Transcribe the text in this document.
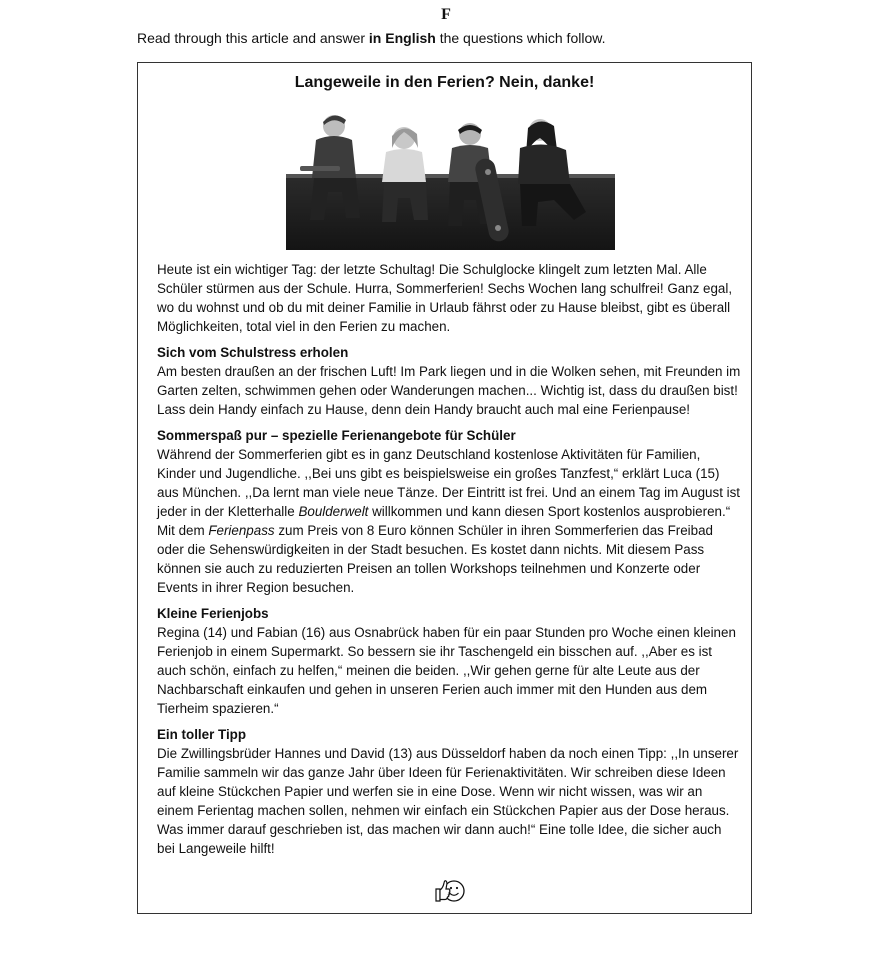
F
Read through this article and answer in English the questions which follow.
Langeweile in den Ferien? Nein, danke!

Heute ist ein wichtiger Tag: der letzte Schultag! Die Schulglocke klingelt zum letzten Mal. Alle Schüler stürmen aus der Schule. Hurra, Sommerferien! Sechs Wochen lang schulfrei! Ganz egal, wo du wohnst und ob du mit deiner Familie in Urlaub fährst oder zu Hause bleibst, gibt es überall Möglichkeiten, total viel in den Ferien zu machen.

Sich vom Schulstress erholen

Am besten draußen an der frischen Luft! Im Park liegen und in die Wolken sehen, mit Freunden im Garten zelten, schwimmen gehen oder Wanderungen machen... Wichtig ist, dass du draußen bist! Lass dein Handy einfach zu Hause, denn dein Handy braucht auch mal eine Ferienpause!

Sommerspaß pur – spezielle Ferienangebote für Schüler

Während der Sommerferien gibt es in ganz Deutschland kostenlose Aktivitäten für Familien, Kinder und Jugendliche. ,,Bei uns gibt es beispielsweise ein großes Tanzfest,“ erklärt Luca (15) aus München. ,,Da lernt man viele neue Tänze. Der Eintritt ist frei. Und an einem Tag im August ist jeder in der Kletterhalle Boulderwelt willkommen und kann diesen Sport kostenlos ausprobieren.“ Mit dem Ferienpass zum Preis von 8 Euro können Schüler in ihren Sommerferien das Freibad oder die Sehenswürdigkeiten in der Stadt besuchen. Es kostet dann nichts. Mit diesem Pass können sie auch zu reduzierten Preisen an tollen Workshops teilnehmen und Konzerte oder Events in ihrer Region besuchen.

Kleine Ferienjobs

Regina (14) und Fabian (16) aus Osnabrück haben für ein paar Stunden pro Woche einen kleinen Ferienjob in einem Supermarkt. So bessern sie ihr Taschengeld ein bisschen auf. ,,Aber es ist auch schön, einfach zu helfen,“ meinen die beiden. ,,Wir gehen gerne für alte Leute aus der Nachbarschaft einkaufen und gehen in unseren Ferien auch immer mit den Hunden aus dem Tierheim spazieren.“

Ein toller Tipp

Die Zwillingsbrüder Hannes und David (13) aus Düsseldorf haben da noch einen Tipp: ,,In unserer Familie sammeln wir das ganze Jahr über Ideen für Ferienaktivitäten. Wir schreiben diese Ideen auf kleine Stückchen Papier und werfen sie in eine Dose. Wenn wir nicht wissen, was wir an einem Ferientag machen sollen, nehmen wir einfach ein Stückchen Papier aus der Dose heraus. Was immer darauf geschrieben ist, das machen wir dann auch!“ Eine tolle Idee, die sicher auch bei Langeweile hilft!
